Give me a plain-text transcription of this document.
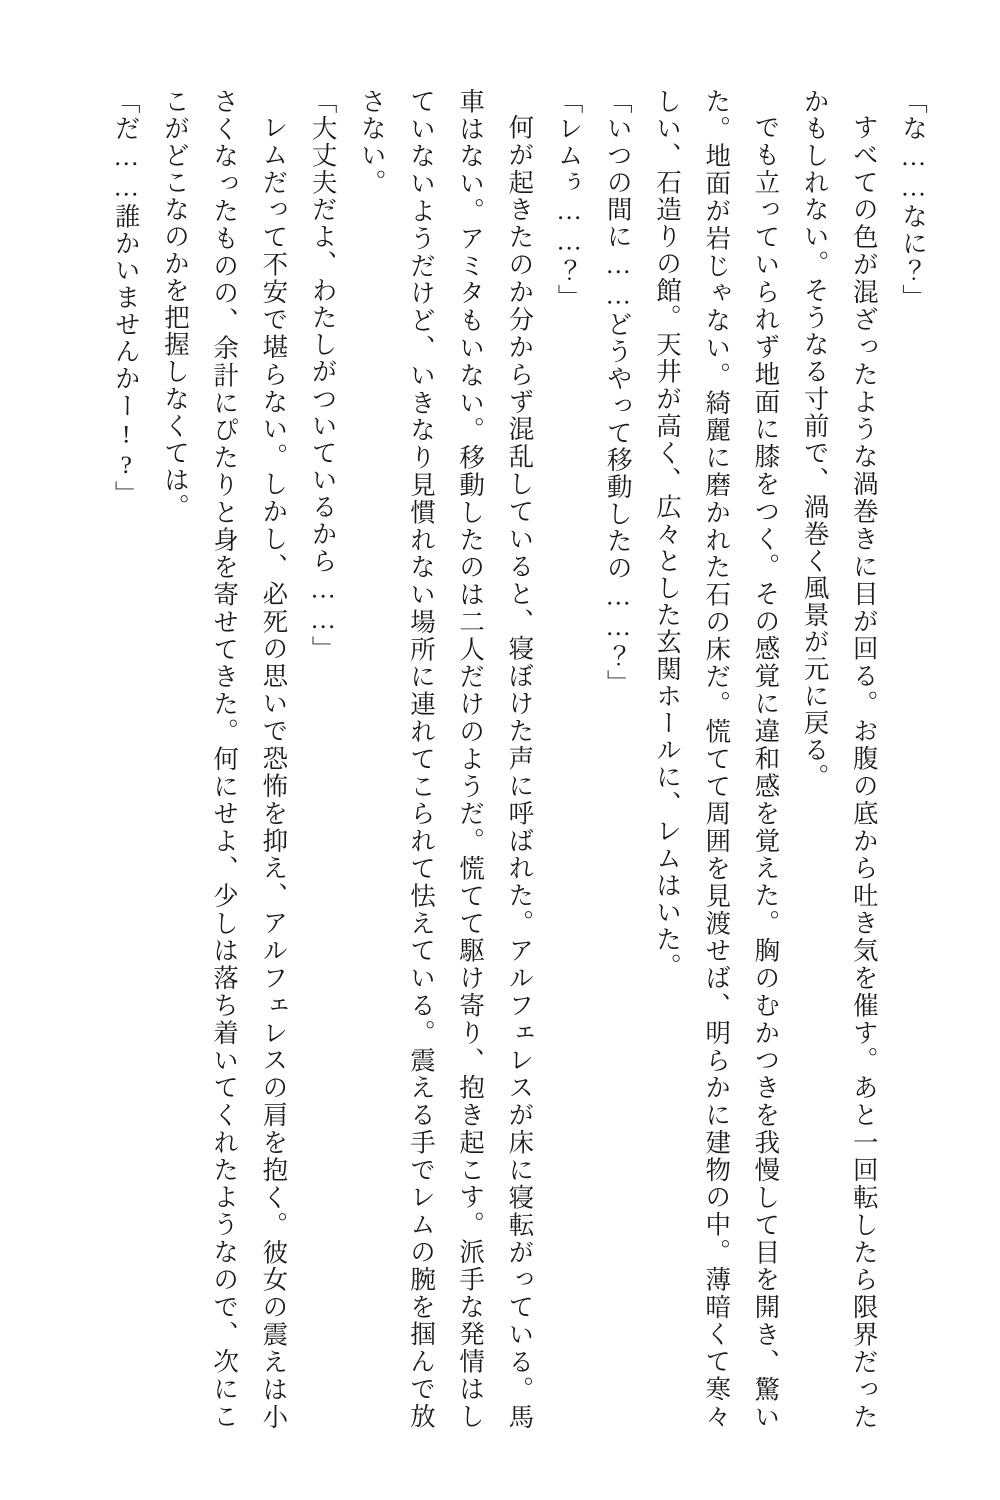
「な……なに？」

すべての色が混ざったような渦巻きに目が回る。お腹の底から吐き気を催す。あと一回転したら限界だったかもしれない。そうなる寸前で、渦巻く風景が元に戻る。

でも立っていられず地面に膝をつく。その感覚に違和感を覚えた。胸のむかつきを我慢して目を開き、驚いた。地面が岩じゃない。綺麗に磨かれた石の床だ。慌てて周囲を見渡せば、明らかに建物の中。薄暗くて寒々しい、石造りの館。天井が高く、広々とした玄関ホールに、レムはいた。

「いつの間に……どうやって移動したの……？」

「レムぅ……？」

何が起きたのか分からず混乱していると、寝ぼけた声に呼ばれた。アルフェレスが床に寝転がっている。馬車はない。アミタもいない。移動したのは二人だけのようだ。慌てて駆け寄り、抱き起こす。派手な発情はしていないようだけど、いきなり見慣れない場所に連れてこられて怯えている。震える手でレムの腕を掴んで放さない。

「大丈夫だよ、わたしがついているから……」

レムだって不安で堪らない。しかし、必死の思いで恐怖を抑え、アルフェレスの肩を抱く。彼女の震えは小さくなったものの、余計にぴたりと身を寄せてきた。何にせよ、少しは落ち着いてくれたようなので、次にここがどこなのかを把握しなくては。

「だ……誰かいませんかー!?」
